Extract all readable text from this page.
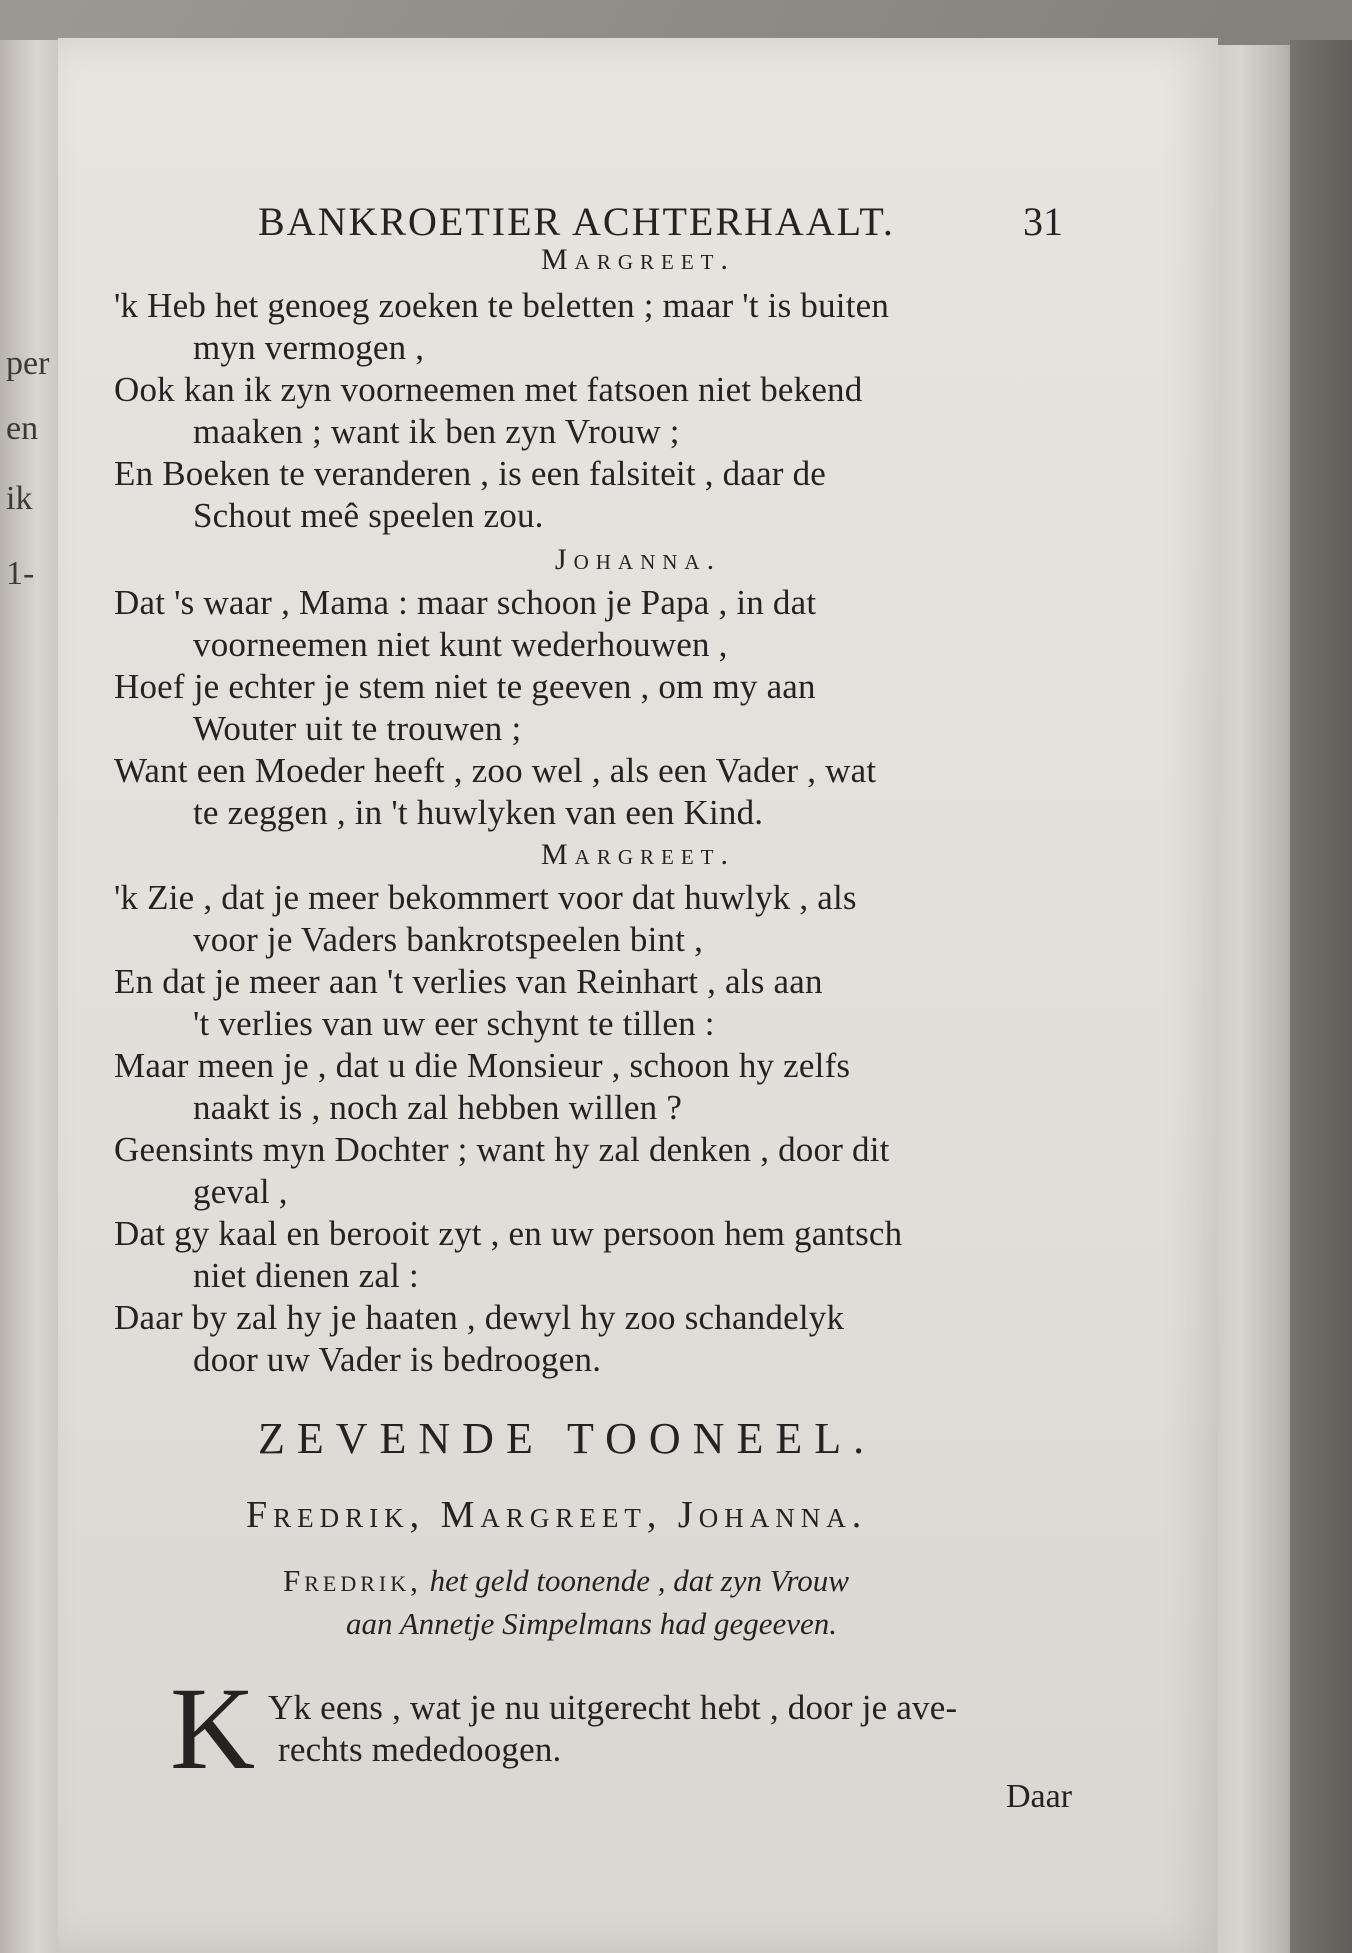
per
en
ik
1-
BANKROETIER ACHTERHAALT.	31
Margreet.
'k Heb het genoeg zoeken te beletten ; maar 't is buiten
myn vermogen ,
Ook kan ik zyn voorneemen met fatsoen niet bekend
maaken ; want ik ben zyn Vrouw ;
En Boeken te veranderen , is een falsiteit , daar de
Schout meê speelen zou.
Johanna.
Dat 's waar , Mama : maar schoon je Papa , in dat
voorneemen niet kunt wederhouwen ,
Hoef je echter je stem niet te geeven , om my aan
Wouter uit te trouwen ;
Want een Moeder heeft , zoo wel , als een Vader , wat
te zeggen , in 't huwlyken van een Kind.
Margreet.
'k Zie , dat je meer bekommert voor dat huwlyk , als
voor je Vaders bankrotspeelen bint ,
En dat je meer aan 't verlies van Reinhart , als aan
't verlies van uw eer schynt te tillen :
Maar meen je , dat u die Monsieur , schoon hy zelfs
naakt is , noch zal hebben willen ?
Geensints myn Dochter ; want hy zal denken , door dit
geval ,
Dat gy kaal en berooit zyt , en uw persoon hem gantsch
niet dienen zal :
Daar by zal hy je haaten , dewyl hy zoo schandelyk
door uw Vader is bedroogen.
ZEVENDE TOONEEL.
Fredrik, Margreet, Johanna.
Fredrik, het geld toonende , dat zyn Vrouw
aan Annetje Simpelmans had gegeeven.
K Yk eens , wat je nu uitgerecht hebt , door je ave-
rechts mededoogen.
Daar
